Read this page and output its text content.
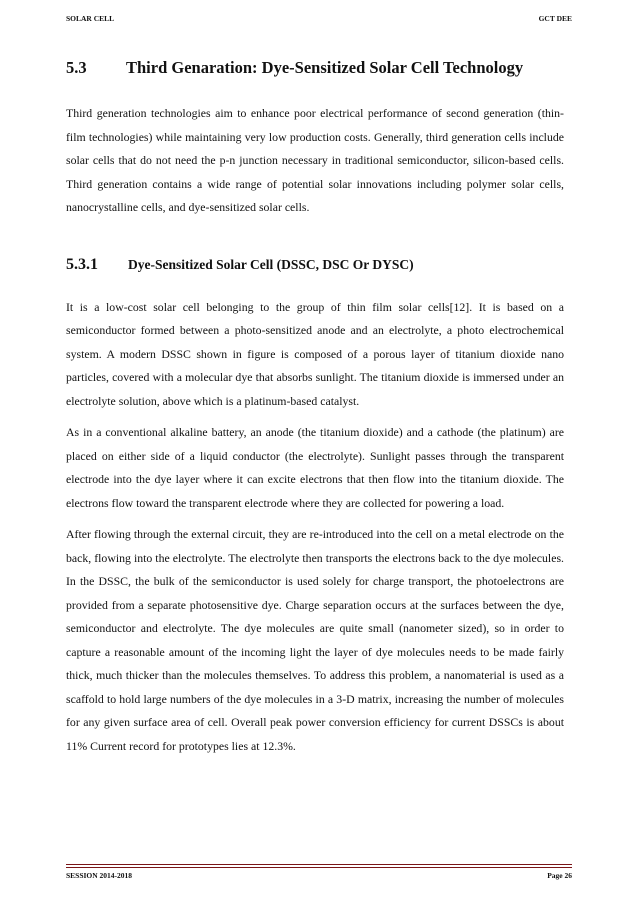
SOLAR CELL	GCT DEE
5.3 Third Genaration: Dye-Sensitized Solar Cell Technology

Third generation technologies aim to enhance poor electrical performance of second generation (thin-film technologies) while maintaining very low production costs. Generally, third generation cells include solar cells that do not need the p-n junction necessary in traditional semiconductor, silicon-based cells. Third generation contains a wide range of potential solar innovations including polymer solar cells, nanocrystalline cells, and dye-sensitized solar cells.

5.3.1 Dye-Sensitized Solar Cell (DSSC, DSC Or DYSC)

It is a low-cost solar cell belonging to the group of thin film solar cells[12]. It is based on a semiconductor formed between a photo-sensitized anode and an electrolyte, a photo electrochemical system. A modern DSSC shown in figure is composed of a porous layer of titanium dioxide nano particles, covered with a molecular dye that absorbs sunlight. The titanium dioxide is immersed under an electrolyte solution, above which is a platinum-based catalyst.

As in a conventional alkaline battery, an anode (the titanium dioxide) and a cathode (the platinum) are placed on either side of a liquid conductor (the electrolyte). Sunlight passes through the transparent electrode into the dye layer where it can excite electrons that then flow into the titanium dioxide. The electrons flow toward the transparent electrode where they are collected for powering a load.

After flowing through the external circuit, they are re-introduced into the cell on a metal electrode on the back, flowing into the electrolyte. The electrolyte then transports the electrons back to the dye molecules. In the DSSC, the bulk of the semiconductor is used solely for charge transport, the photoelectrons are provided from a separate photosensitive dye. Charge separation occurs at the surfaces between the dye, semiconductor and electrolyte. The dye molecules are quite small (nanometer sized), so in order to capture a reasonable amount of the incoming light the layer of dye molecules needs to be made fairly thick, much thicker than the molecules themselves. To address this problem, a nanomaterial is used as a scaffold to hold large numbers of the dye molecules in a 3-D matrix, increasing the number of molecules for any given surface area of cell. Overall peak power conversion efficiency for current DSSCs is about 11% Current record for prototypes lies at 12.3%.

SESSION 2014-2018	Page 26
